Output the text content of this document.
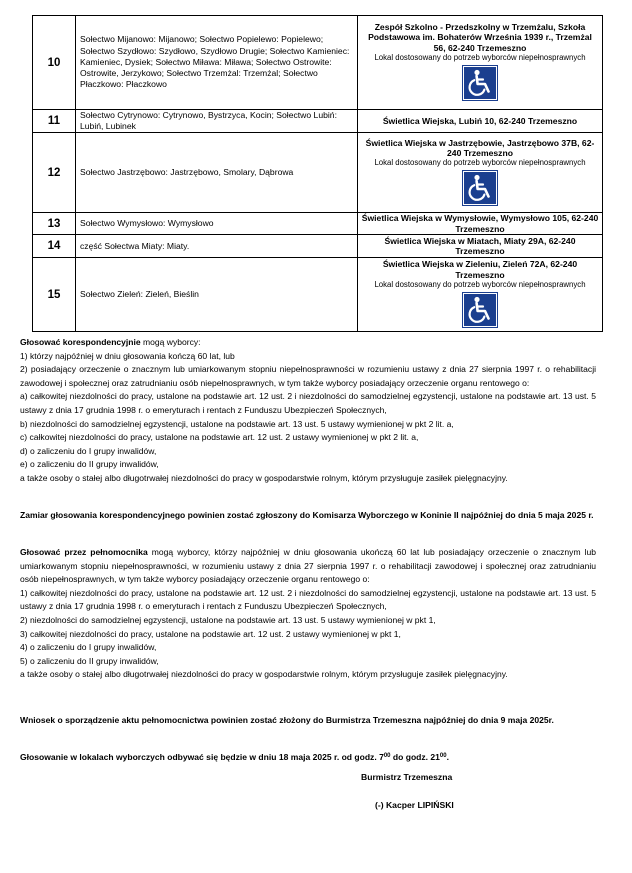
10	Sołectwo Mijanowo: Mijanowo; Sołectwo Popielewo: Popielewo; Sołectwo Szydłowo: Szydłowo, Szydłowo Drugie; Sołectwo Kamieniec: Kamieniec, Dysiek; Sołectwo Miława: Miława; Sołectwo Ostrowite: Ostrowite, Jerzykowo; Sołectwo Trzemżal: Trzemżal; Sołectwo Płaczkowo: Płaczkowo	Zespół Szkolno - Przedszkolny w Trzemżalu, Szkoła Podstawowa im. Bohaterów Września 1939 r., Trzemżal 56, 62-240 Trzemeszno
Lokal dostosowany do potrzeb wyborców niepełnosprawnych

11	Sołectwo Cytrynowo: Cytrynowo, Bystrzyca, Kocin; Sołectwo Lubiń: Lubiń, Lubinek	Świetlica Wiejska, Lubiń 10, 62-240 Trzemeszno

12	Sołectwo Jastrzębowo: Jastrzębowo, Smolary, Dąbrowa	Świetlica Wiejska w Jastrzębowie, Jastrzębowo 37B, 62-240 Trzemeszno
Lokal dostosowany do potrzeb wyborców niepełnosprawnych

13	Sołectwo Wymysłowo: Wymysłowo	Świetlica Wiejska w Wymysłowie, Wymysłowo 105, 62-240 Trzemeszno

14	część Sołectwa Miaty: Miaty.	Świetlica Wiejska w Miatach, Miaty 29A, 62-240 Trzemeszno

15	Sołectwo Zieleń: Zieleń, Bieślin	Świetlica Wiejska w Zieleniu, Zieleń 72A, 62-240 Trzemeszno
Lokal dostosowany do potrzeb wyborców niepełnosprawnych

Głosować korespondencyjnie mogą wyborcy:

1) którzy najpóźniej w dniu głosowania kończą 60 lat, lub

2) posiadający orzeczenie o znacznym lub umiarkowanym stopniu niepełnosprawności w rozumieniu ustawy z dnia 27 sierpnia 1997 r. o rehabilitacji zawodowej i społecznej oraz zatrudnianiu osób niepełnosprawnych, w tym także wyborcy posiadający orzeczenie organu rentowego o:

a) całkowitej niezdolności do pracy, ustalone na podstawie art. 12 ust. 2 i niezdolności do samodzielnej egzystencji, ustalone na podstawie art. 13 ust. 5 ustawy z dnia 17 grudnia 1998 r. o emeryturach i rentach z Funduszu Ubezpieczeń Społecznych,

b) niezdolności do samodzielnej egzystencji, ustalone na podstawie art. 13 ust. 5 ustawy wymienionej w pkt 2 lit. a,

c) całkowitej niezdolności do pracy, ustalone na podstawie art. 12 ust. 2 ustawy wymienionej w pkt 2 lit. a,

d) o zaliczeniu do I grupy inwalidów,

e) o zaliczeniu do II grupy inwalidów,

a także osoby o stałej albo długotrwałej niezdolności do pracy w gospodarstwie rolnym, którym przysługuje zasiłek pielęgnacyjny.

Zamiar głosowania korespondencyjnego powinien zostać zgłoszony do Komisarza Wyborczego w Koninie II najpóźniej do dnia 5 maja 2025 r.

Głosować przez pełnomocnika mogą wyborcy, którzy najpóźniej w dniu głosowania ukończą 60 lat lub posiadający orzeczenie o znacznym lub umiarkowanym stopniu niepełnosprawności, w rozumieniu ustawy z dnia 27 sierpnia 1997 r. o rehabilitacji zawodowej i społecznej oraz zatrudnianiu osób niepełnosprawnych, w tym także wyborcy posiadający orzeczenie organu rentowego o:

1) całkowitej niezdolności do pracy, ustalone na podstawie art. 12 ust. 2 i niezdolności do samodzielnej egzystencji, ustalone na podstawie art. 13 ust. 5 ustawy z dnia 17 grudnia 1998 r. o emeryturach i rentach z Funduszu Ubezpieczeń Społecznych,

2) niezdolności do samodzielnej egzystencji, ustalone na podstawie art. 13 ust. 5 ustawy wymienionej w pkt 1,

3) całkowitej niezdolności do pracy, ustalone na podstawie art. 12 ust. 2 ustawy wymienionej w pkt 1,

4) o zaliczeniu do I grupy inwalidów,

5) o zaliczeniu do II grupy inwalidów,

a także osoby o stałej albo długotrwałej niezdolności do pracy w gospodarstwie rolnym, którym przysługuje zasiłek pielęgnacyjny.

Wniosek o sporządzenie aktu pełnomocnictwa powinien zostać złożony do Burmistrza Trzemeszna najpóźniej do dnia 9 maja 2025r.

Głosowanie w lokalach wyborczych odbywać się będzie w dniu 18 maja 2025 r. od godz. $7^{00}$ do godz. $21^{00}$.

Burmistrz Trzemeszna
(-) Kacper LIPIŃSKI
